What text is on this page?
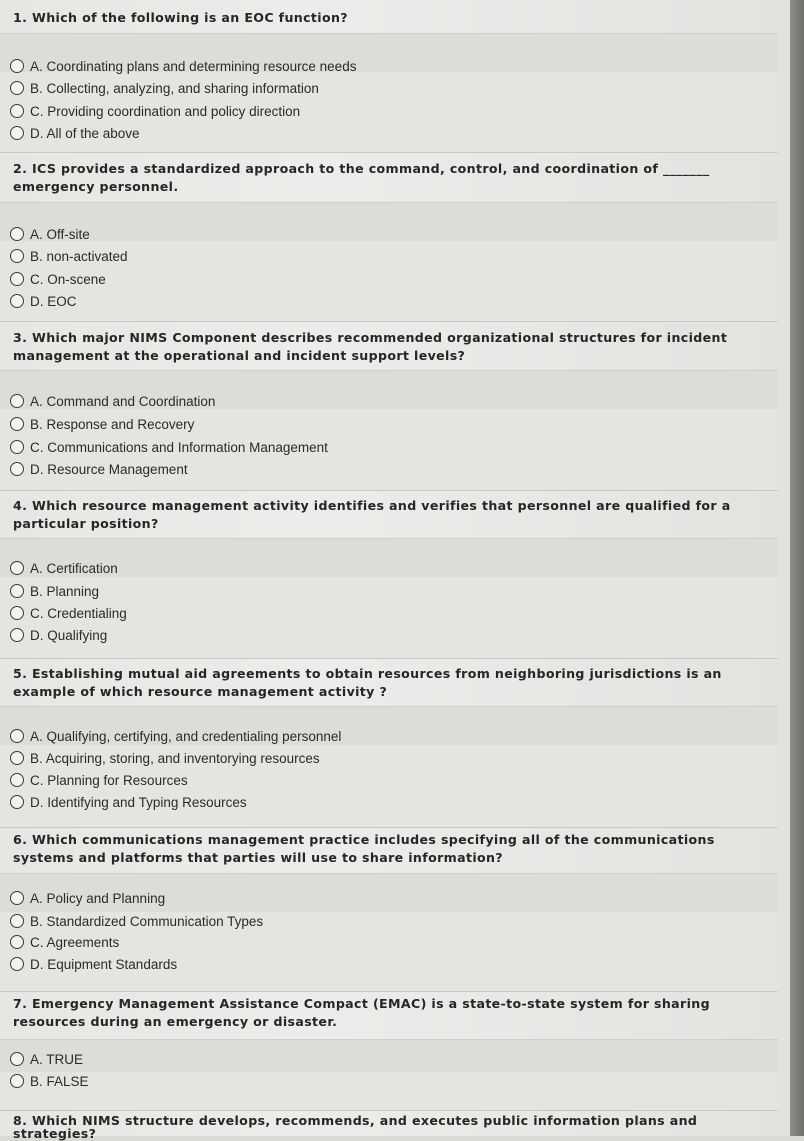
1. Which of the following is an EOC function?

A. Coordinating plans and determining resource needs
B. Collecting, analyzing, and sharing information
C. Providing coordination and policy direction
D. All of the above

2. ICS provides a standardized approach to the command, control, and coordination of _______ emergency personnel.

A. Off-site
B. non-activated
C. On-scene
D. EOC

3. Which major NIMS Component describes recommended organizational structures for incident management at the operational and incident support levels?

A. Command and Coordination
B. Response and Recovery
C. Communications and Information Management
D. Resource Management

4. Which resource management activity identifies and verifies that personnel are qualified for a particular position?

A. Certification
B. Planning
C. Credentialing
D. Qualifying

5. Establishing mutual aid agreements to obtain resources from neighboring jurisdictions is an example of which resource management activity ?

A. Qualifying, certifying, and credentialing personnel
B. Acquiring, storing, and inventorying resources
C. Planning for Resources
D. Identifying and Typing Resources

6. Which communications management practice includes specifying all of the communications systems and platforms that parties will use to share information?

A. Policy and Planning
B. Standardized Communication Types
C. Agreements
D. Equipment Standards

7. Emergency Management Assistance Compact (EMAC) is a state-to-state system for sharing resources during an emergency or disaster.

A. TRUE
B. FALSE

8. Which NIMS structure develops, recommends, and executes public information plans and strategies?
